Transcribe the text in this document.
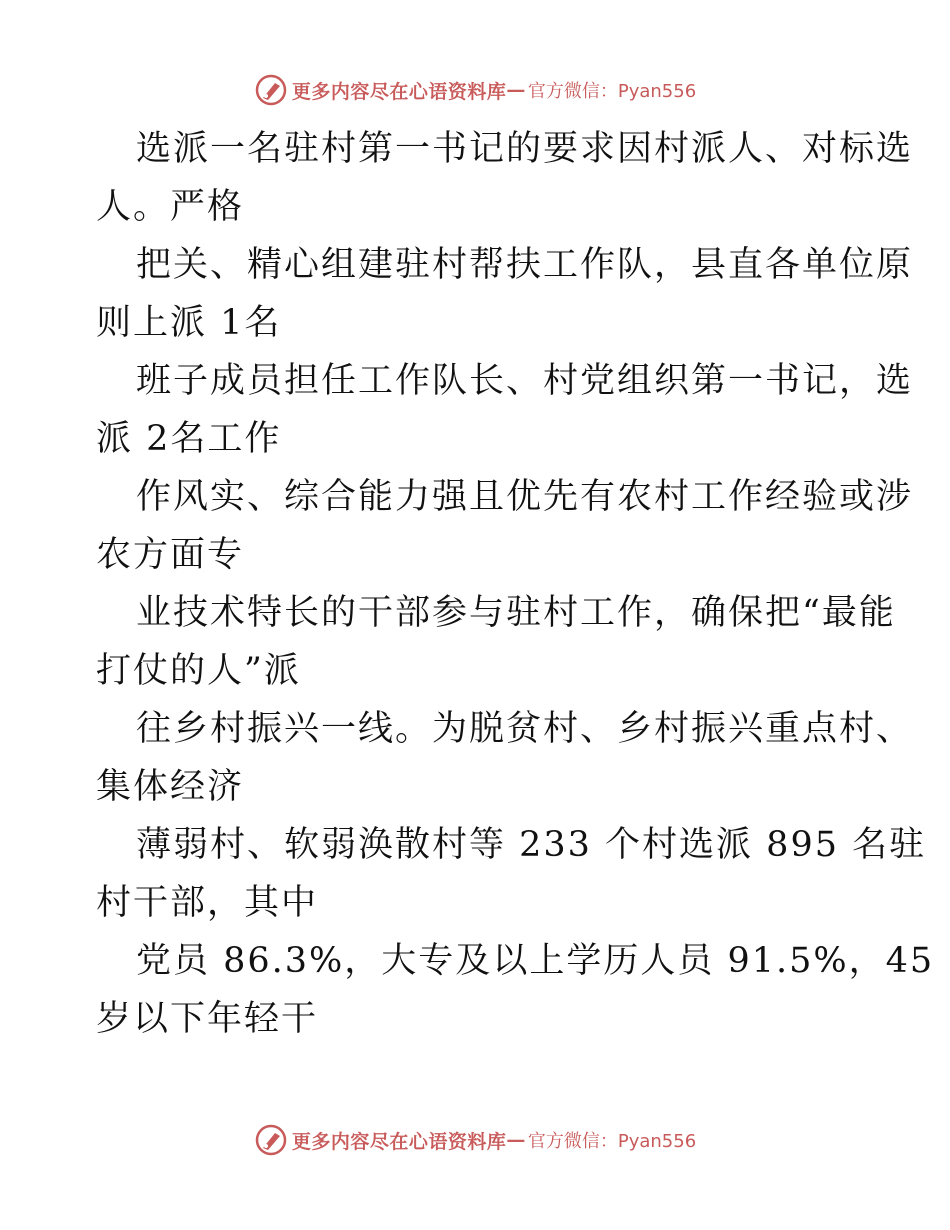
更多内容尽在心语资料库 — 官方微信：Pyan556
选派一名驻村第一书记的要求因村派人、对标选
人。严格
把关、精心组建驻村帮扶工作队，县直各单位原
则上派 1名
班子成员担任工作队长、村党组织第一书记，选
派 2名工作
作风实、综合能力强且优先有农村工作经验或涉
农方面专
业技术特长的干部参与驻村工作，确保把“最能
打仗的人”派
往乡村振兴一线。为脱贫村、乡村振兴重点村、
集体经济
薄弱村、软弱涣散村等 233 个村选派 895 名驻
村干部，其中
党员 86.3%，大专及以上学历人员 91.5%，45
岁以下年轻干
更多内容尽在心语资料库 — 官方微信：Pyan556
